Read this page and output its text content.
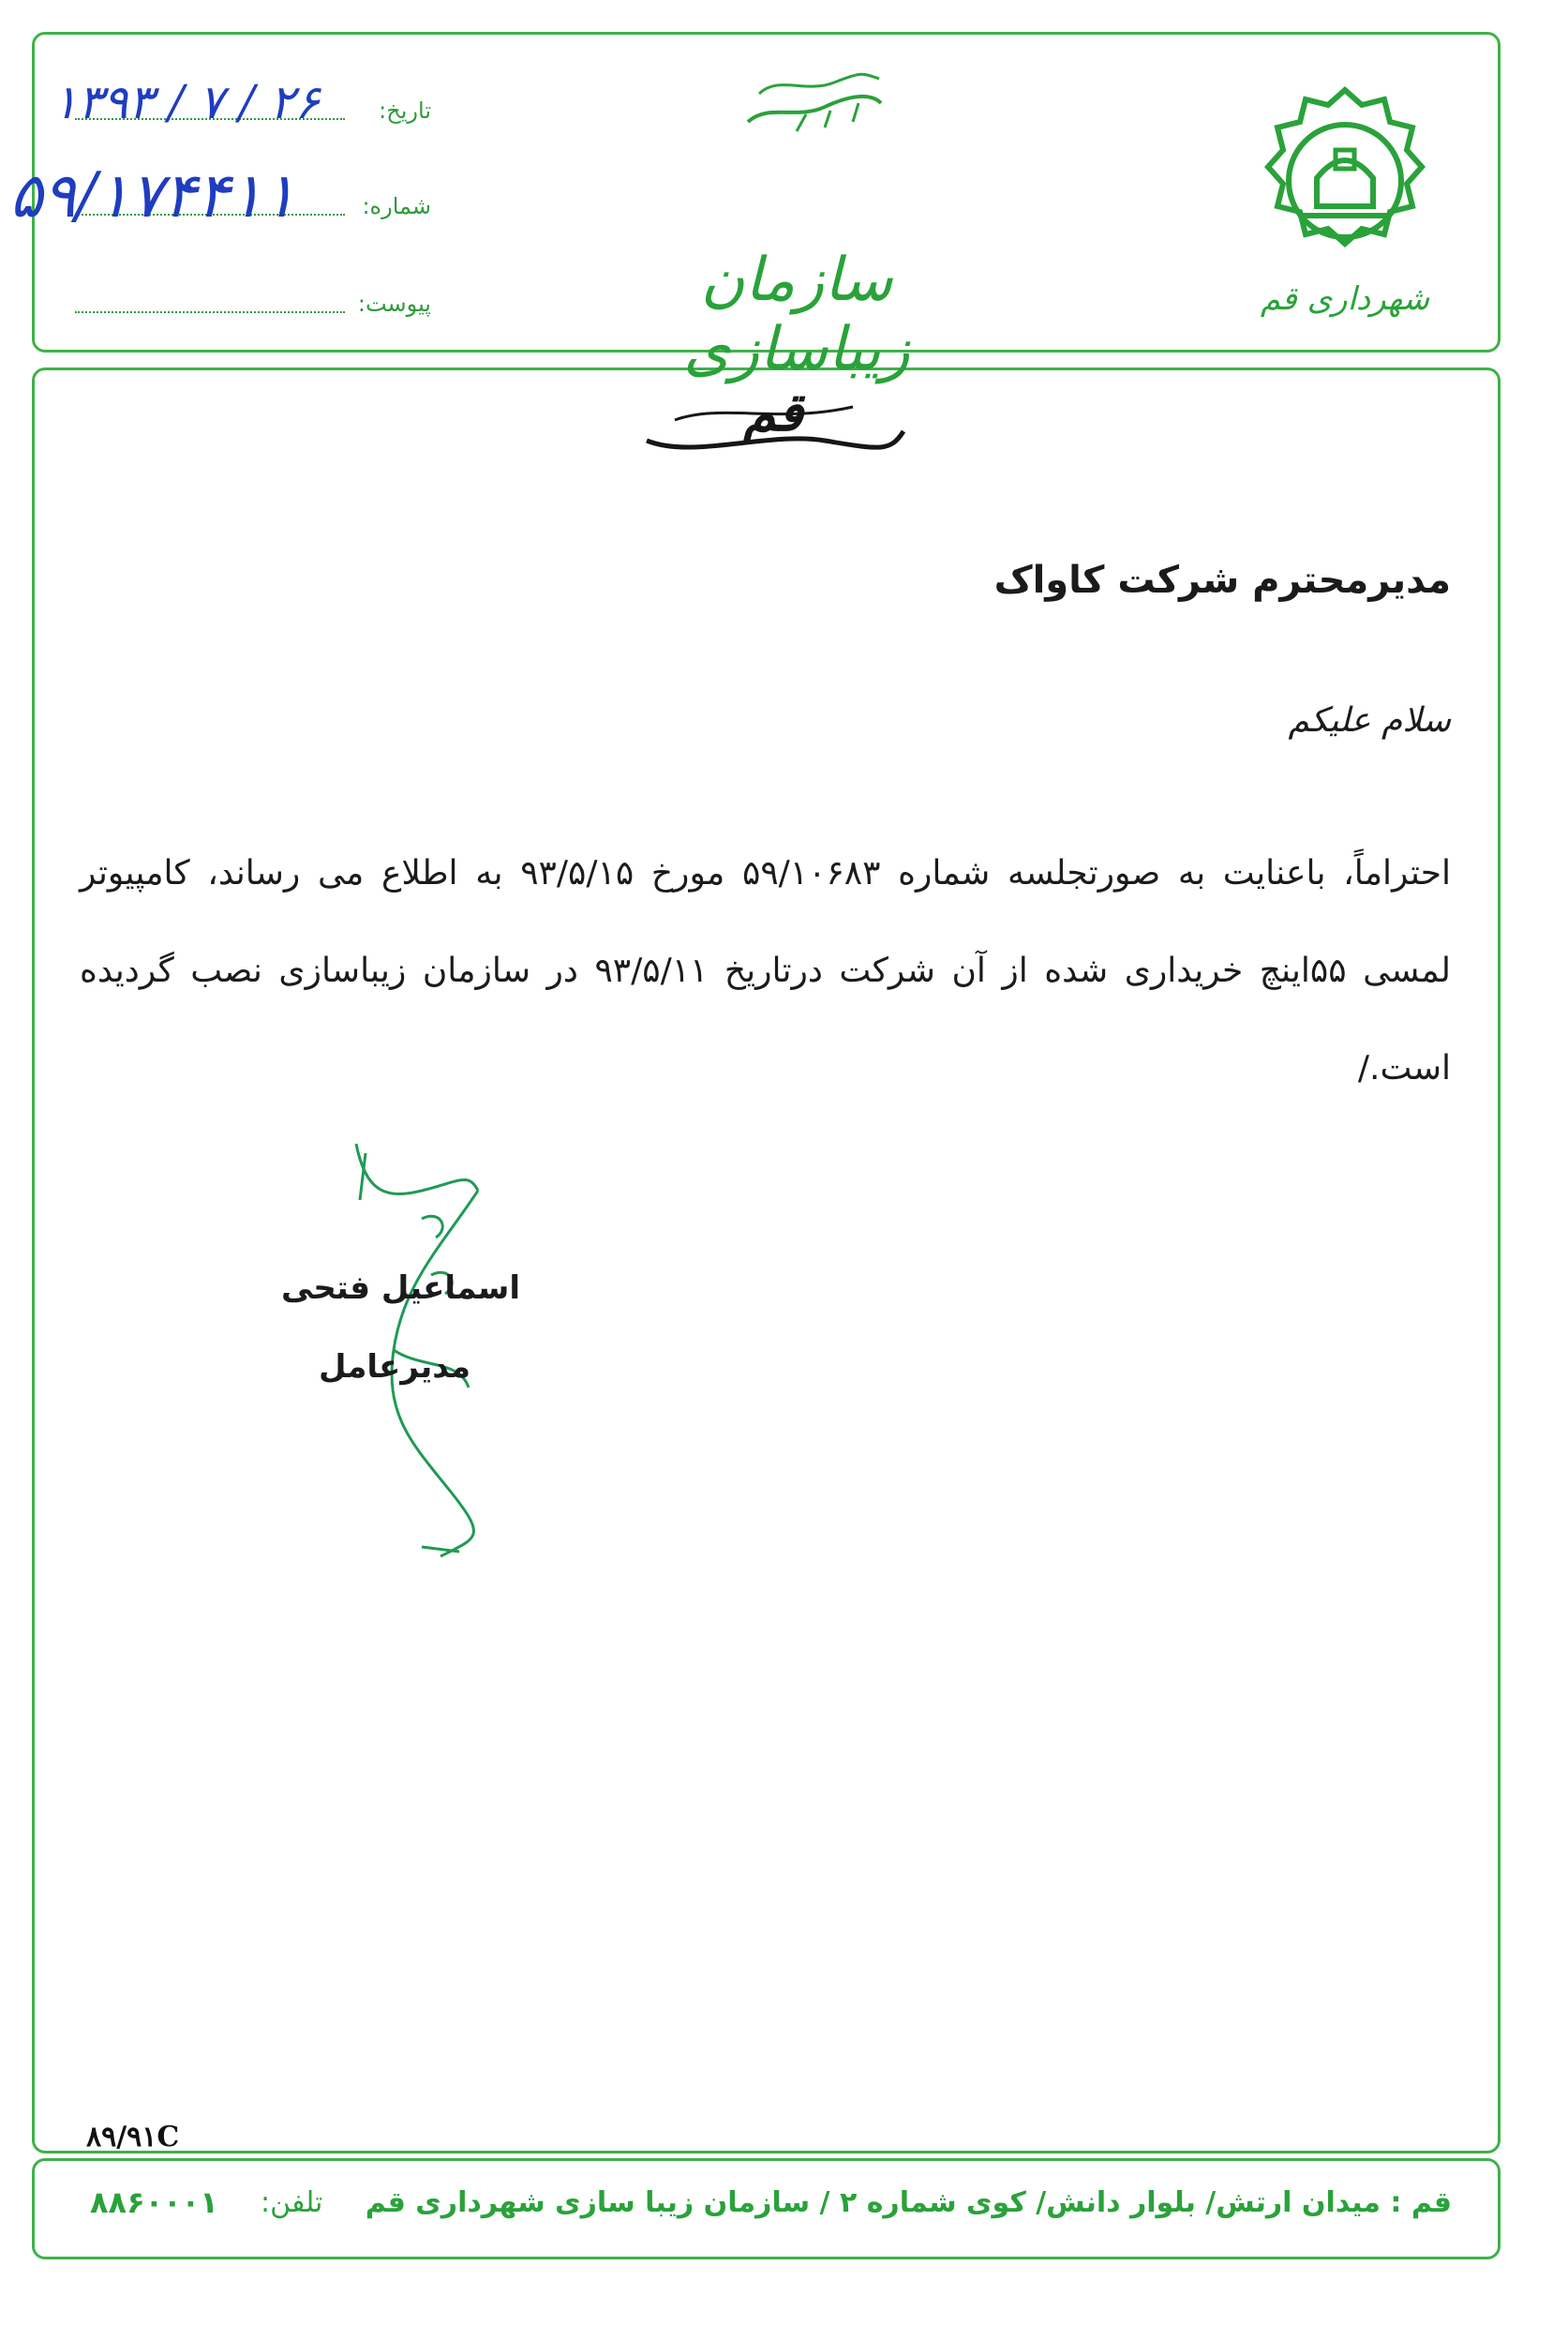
تاریخ:
۱۳۹۳ / ۷ / ۲۶
شماره:
۵۹/۱۷۴۴۱۱
پیوست:	سازمان زیباسازی
شهرداری قم
قم
مدیرمحترم شرکت کاواک
سلام علیکم
احتراماً، باعنایت به صورتجلسه شماره ۵۹/۱۰۶۸۳ مورخ ۹۳/۵/۱۵ به اطلاع می رساند، کامپیوتر لمسی ۵۵اینچ خریداری شده از آن شرکت درتاریخ ۹۳/۵/۱۱ در سازمان زیباسازی نصب گردیده است./
اسماعیل فتحی
مدیرعامل
۸۹/۹۱C
قم : میدان ارتش/ بلوار دانش/ کوی شماره ۲ / سازمان زیبا سازی شهرداری قم
تلفن:
۸۸۶۰۰۰۱
